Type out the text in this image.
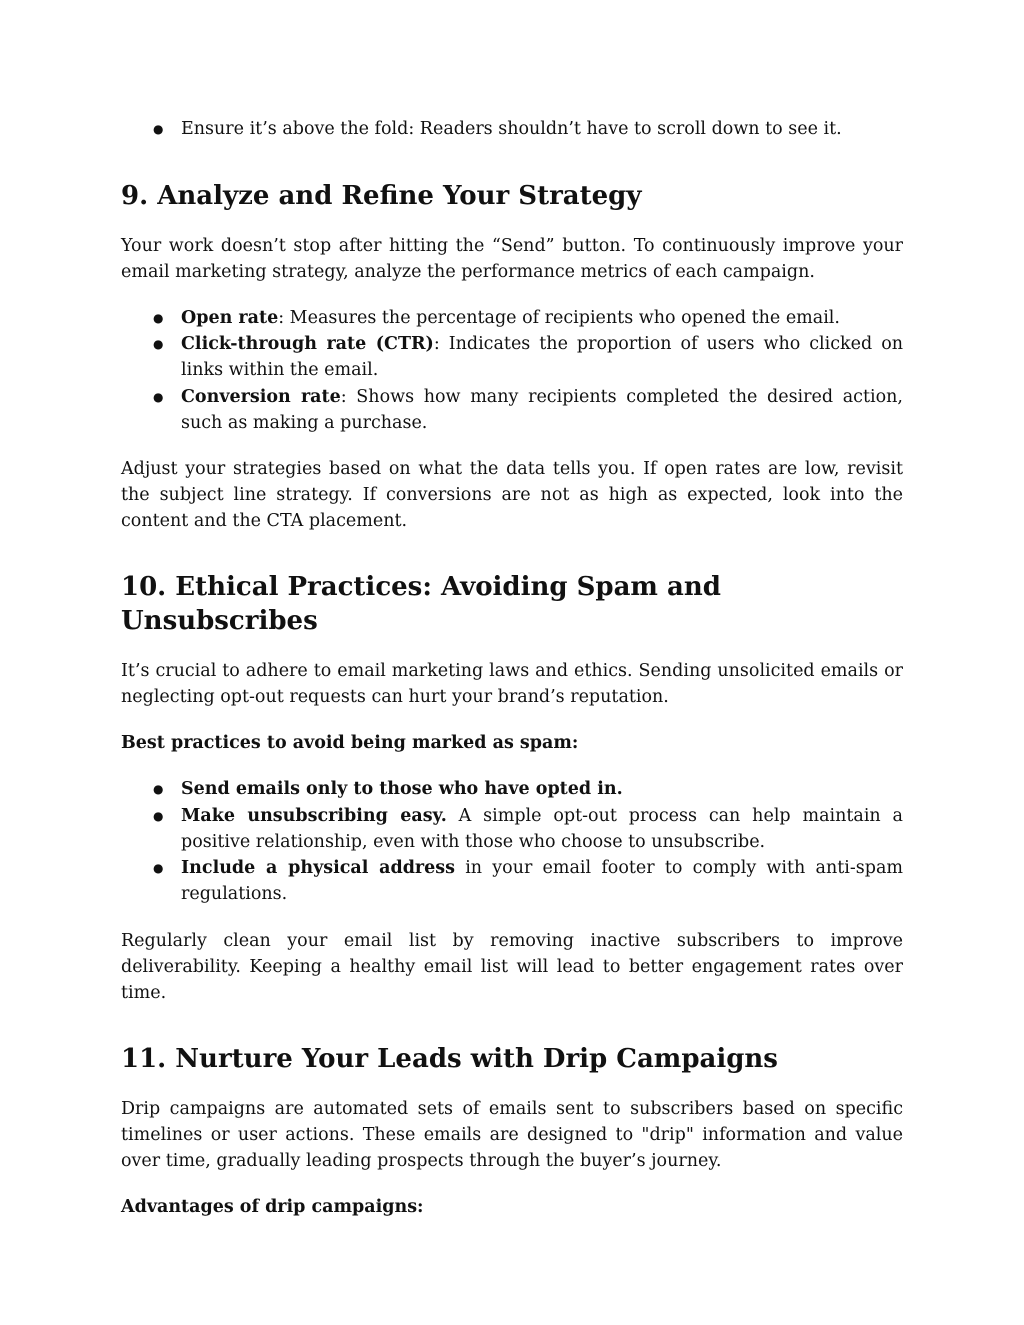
● Ensure it’s above the fold: Readers shouldn’t have to scroll down to see it.
9. Analyze and Refine Your Strategy

Your work doesn’t stop after hitting the “Send” button. To continuously improve your email marketing strategy, analyze the performance metrics of each campaign.

● Open rate: Measures the percentage of recipients who opened the email.
● Click-through rate (CTR): Indicates the proportion of users who clicked on links within the email.
● Conversion rate: Shows how many recipients completed the desired action, such as making a purchase.

Adjust your strategies based on what the data tells you. If open rates are low, revisit the subject line strategy. If conversions are not as high as expected, look into the content and the CTA placement.

10. Ethical Practices: Avoiding Spam and Unsubscribes

It’s crucial to adhere to email marketing laws and ethics. Sending unsolicited emails or neglecting opt-out requests can hurt your brand’s reputation.

Best practices to avoid being marked as spam:

● Send emails only to those who have opted in.
● Make unsubscribing easy. A simple opt-out process can help maintain a positive relationship, even with those who choose to unsubscribe.
● Include a physical address in your email footer to comply with anti-spam regulations.

Regularly clean your email list by removing inactive subscribers to improve deliverability. Keeping a healthy email list will lead to better engagement rates over time.

11. Nurture Your Leads with Drip Campaigns

Drip campaigns are automated sets of emails sent to subscribers based on specific timelines or user actions. These emails are designed to "drip" information and value over time, gradually leading prospects through the buyer’s journey.

Advantages of drip campaigns:
